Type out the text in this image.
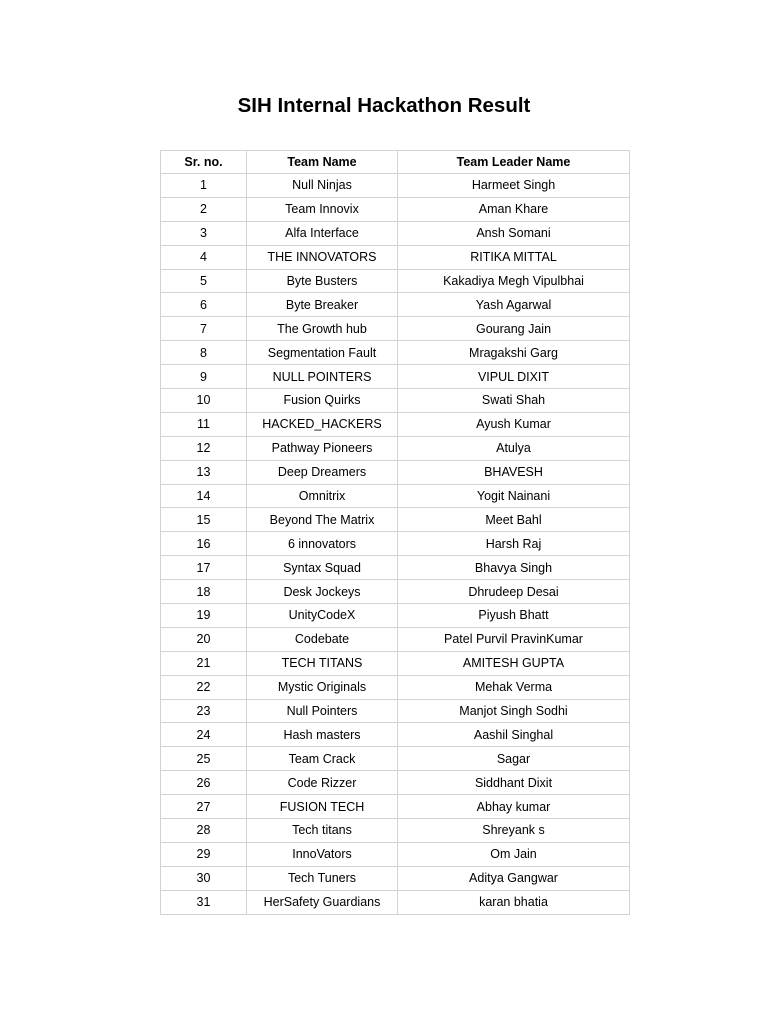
SIH Internal Hackathon Result
Sr. no.	Team Name	Team Leader Name
1	Null Ninjas	Harmeet Singh
2	Team Innovix	Aman Khare
3	Alfa Interface	Ansh Somani
4	THE INNOVATORS	RITIKA MITTAL
5	Byte Busters	Kakadiya Megh Vipulbhai
6	Byte Breaker	Yash Agarwal
7	The Growth hub	Gourang Jain
8	Segmentation Fault	Mragakshi Garg
9	NULL POINTERS	VIPUL DIXIT
10	Fusion Quirks	Swati Shah
11	HACKED_HACKERS	Ayush Kumar
12	Pathway Pioneers	Atulya
13	Deep Dreamers	BHAVESH
14	Omnitrix	Yogit Nainani
15	Beyond The Matrix	Meet Bahl
16	6 innovators	Harsh Raj
17	Syntax Squad	Bhavya Singh
18	Desk Jockeys	Dhrudeep Desai
19	UnityCodeX	Piyush Bhatt
20	Codebate	Patel Purvil PravinKumar
21	TECH TITANS	AMITESH GUPTA
22	Mystic Originals	Mehak Verma
23	Null Pointers	Manjot Singh Sodhi
24	Hash masters	Aashil Singhal
25	Team Crack	Sagar
26	Code Rizzer	Siddhant Dixit
27	FUSION TECH	Abhay kumar
28	Tech titans	Shreyank s
29	InnoVators	Om Jain
30	Tech Tuners	Aditya Gangwar
31	HerSafety Guardians	karan bhatia
